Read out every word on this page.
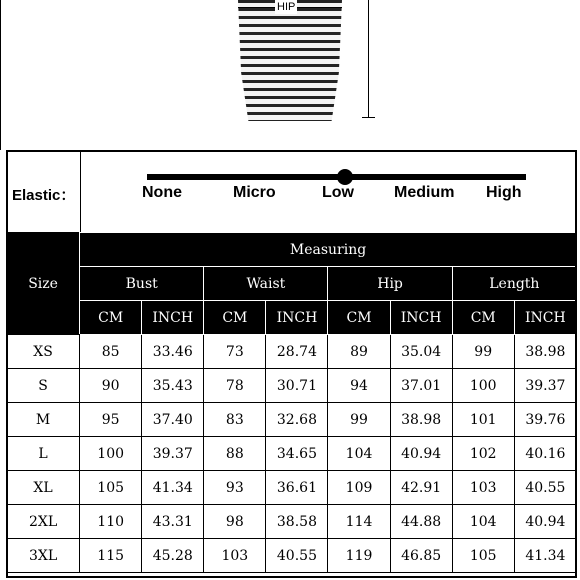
HIP
Elastic：	None	Micro	Low	Medium High
Size	Measuring							
	Bust		Waist		Hip		Length	
	CM	INCH	CM	INCH	CM	INCH	CM	INCH
XS	85	33.46	73	28.74	89	35.04	99	38.98
S	90	35.43	78	30.71	94	37.01	100	39.37
M	95	37.40	83	32.68	99	38.98	101	39.76
L	100	39.37	88	34.65	104	40.94	102	40.16
XL	105	41.34	93	36.61	109	42.91	103	40.55
2XL	110	43.31	98	38.58	114	44.88	104	40.94
3XL	115	45.28	103	40.55	119	46.85	105	41.34
